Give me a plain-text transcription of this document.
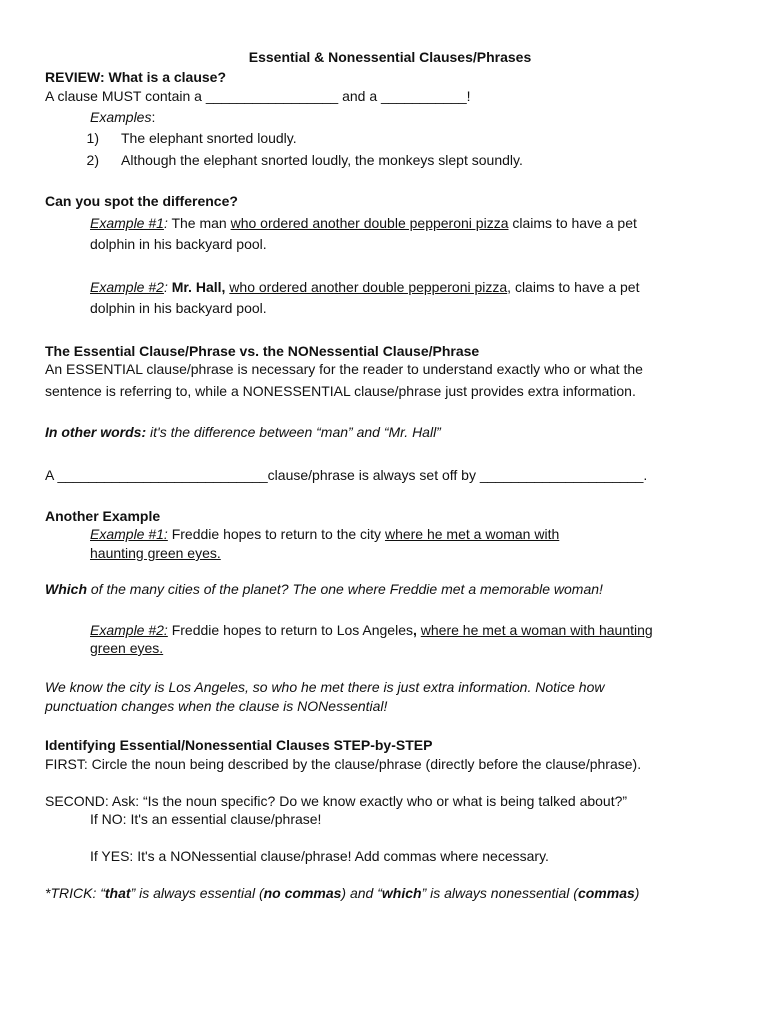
Essential & Nonessential Clauses/Phrases
REVIEW: What is a clause?
A clause MUST contain a _________________ and a ___________!
Examples:
1) The elephant snorted loudly.
2) Although the elephant snorted loudly, the monkeys slept soundly.
Can you spot the difference?
Example #1: The man who ordered another double pepperoni pizza claims to have a pet
dolphin in his backyard pool.
Example #2: Mr. Hall, who ordered another double pepperoni pizza, claims to have a pet
dolphin in his backyard pool.
The Essential Clause/Phrase vs. the NONessential Clause/Phrase
An ESSENTIAL clause/phrase is necessary for the reader to understand exactly who or what the
sentence is referring to, while a NONESSENTIAL clause/phrase just provides extra information.
In other words: it's the difference between “man” and “Mr. Hall”
A ___________________________clause/phrase is always set off by _____________________.
Another Example
Example #1: Freddie hopes to return to the city where he met a woman with
haunting green eyes.
Which of the many cities of the planet? The one where Freddie met a memorable woman!
Example #2: Freddie hopes to return to Los Angeles, where he met a woman with haunting
green eyes.
We know the city is Los Angeles, so who he met there is just extra information. Notice how
punctuation changes when the clause is NONessential!
Identifying Essential/Nonessential Clauses STEP-by-STEP
FIRST: Circle the noun being described by the clause/phrase (directly before the clause/phrase).
SECOND: Ask: “Is the noun specific? Do we know exactly who or what is being talked about?”
If NO: It's an essential clause/phrase!
If YES: It's a NONessential clause/phrase! Add commas where necessary.
*TRICK: “that” is always essential (no commas) and “which” is always nonessential (commas)
